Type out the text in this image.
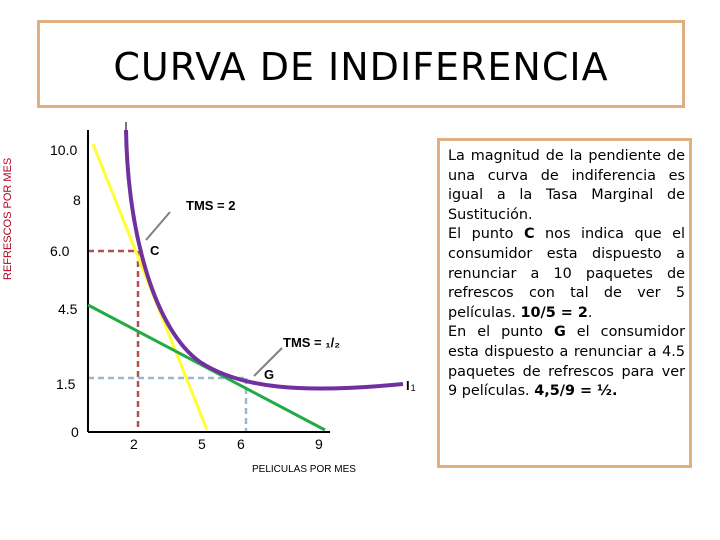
CURVA DE INDIFERENCIA
REFRESCOS POR MES
10.0
8
6.0
4.5
1.5
0
2	5 6	9
PELICULAS POR MES
C
G
TMS = 2
TMS = ₁/₂
I1

La magnitud de la pendiente de una curva de indiferencia es igual a la Tasa Marginal de Sustitución.

El punto C nos indica que el consumidor esta dispuesto a renunciar a 10 paquetes de refrescos con tal de ver 5 películas. 10/5 = 2.

En el punto G el consumidor esta dispuesto a renunciar a 4.5 paquetes de refrescos para ver 9 películas. 4,5/9 = ½.
